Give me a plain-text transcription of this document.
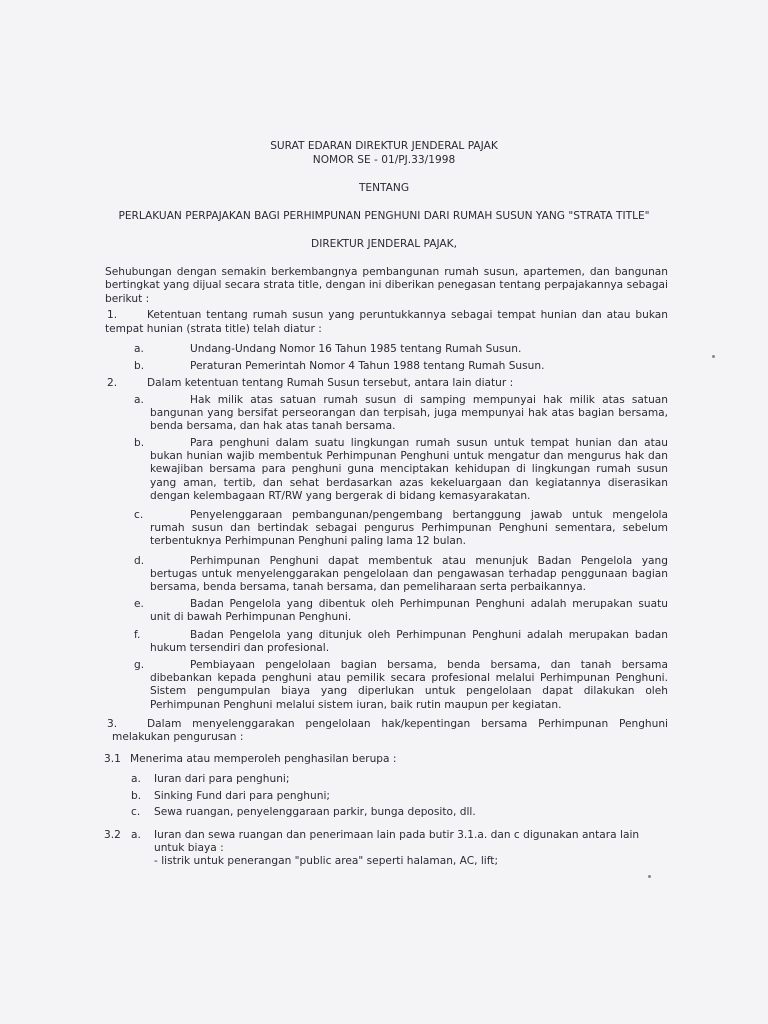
SURAT EDARAN DIREKTUR JENDERAL PAJAK
NOMOR SE - 01/PJ.33/1998
TENTANG
PERLAKUAN PERPAJAKAN BAGI PERHIMPUNAN PENGHUNI DARI RUMAH SUSUN YANG "STRATA TITLE"
DIREKTUR JENDERAL PAJAK,
Sehubungan dengan semakin berkembangnya pembangunan rumah susun, apartemen, dan bangunan
bertingkat yang dijual secara strata title, dengan ini diberikan penegasan tentang perpajakannya sebagai
berikut :
1.	Ketentuan tentang rumah susun yang peruntukkannya sebagai tempat hunian dan atau bukan
tempat hunian (strata title) telah diatur :
a.	Undang-Undang Nomor 16 Tahun 1985 tentang Rumah Susun.
b.	Peraturan Pemerintah Nomor 4 Tahun 1988 tentang Rumah Susun.
2.	Dalam ketentuan tentang Rumah Susun tersebut, antara lain diatur :
a.	Hak milik atas satuan rumah susun di samping mempunyai hak milik atas satuan
bangunan yang bersifat perseorangan dan terpisah, juga mempunyai hak atas bagian bersama,
benda bersama, dan hak atas tanah bersama.
b.	Para penghuni dalam suatu lingkungan rumah susun untuk tempat hunian dan atau
bukan hunian wajib membentuk Perhimpunan Penghuni untuk mengatur dan mengurus hak dan
kewajiban bersama para penghuni guna menciptakan kehidupan di lingkungan rumah susun
yang aman, tertib, dan sehat berdasarkan azas kekeluargaan dan kegiatannya diserasikan
dengan kelembagaan RT/RW yang bergerak di bidang kemasyarakatan.
c.	Penyelenggaraan pembangunan/pengembang bertanggung jawab untuk mengelola
rumah susun dan bertindak sebagai pengurus Perhimpunan Penghuni sementara, sebelum
terbentuknya Perhimpunan Penghuni paling lama 12 bulan.
d.	Perhimpunan Penghuni dapat membentuk atau menunjuk Badan Pengelola yang
bertugas untuk menyelenggarakan pengelolaan dan pengawasan terhadap penggunaan bagian
bersama, benda bersama, tanah bersama, dan pemeliharaan serta perbaikannya.
e.	Badan Pengelola yang dibentuk oleh Perhimpunan Penghuni adalah merupakan suatu
unit di bawah Perhimpunan Penghuni.
f.	Badan Pengelola yang ditunjuk oleh Perhimpunan Penghuni adalah merupakan badan
hukum tersendiri dan profesional.
g.	Pembiayaan pengelolaan bagian bersama, benda bersama, dan tanah bersama
dibebankan kepada penghuni atau pemilik secara profesional melalui Perhimpunan Penghuni.
Sistem pengumpulan biaya yang diperlukan untuk pengelolaan dapat dilakukan oleh
Perhimpunan Penghuni melalui sistem iuran, baik rutin maupun per kegiatan.
3.	Dalam menyelenggarakan pengelolaan hak/kepentingan bersama Perhimpunan Penghuni
melakukan pengurusan :
3.1 Menerima atau memperoleh penghasilan berupa :
a. Iuran dari para penghuni;
b. Sinking Fund dari para penghuni;
c. Sewa ruangan, penyelenggaraan parkir, bunga deposito, dll.
3.2 a. Iuran dan sewa ruangan dan penerimaan lain pada butir 3.1.a. dan c digunakan antara lain
untuk biaya :
- listrik untuk penerangan "public area" seperti halaman, AC, lift;
